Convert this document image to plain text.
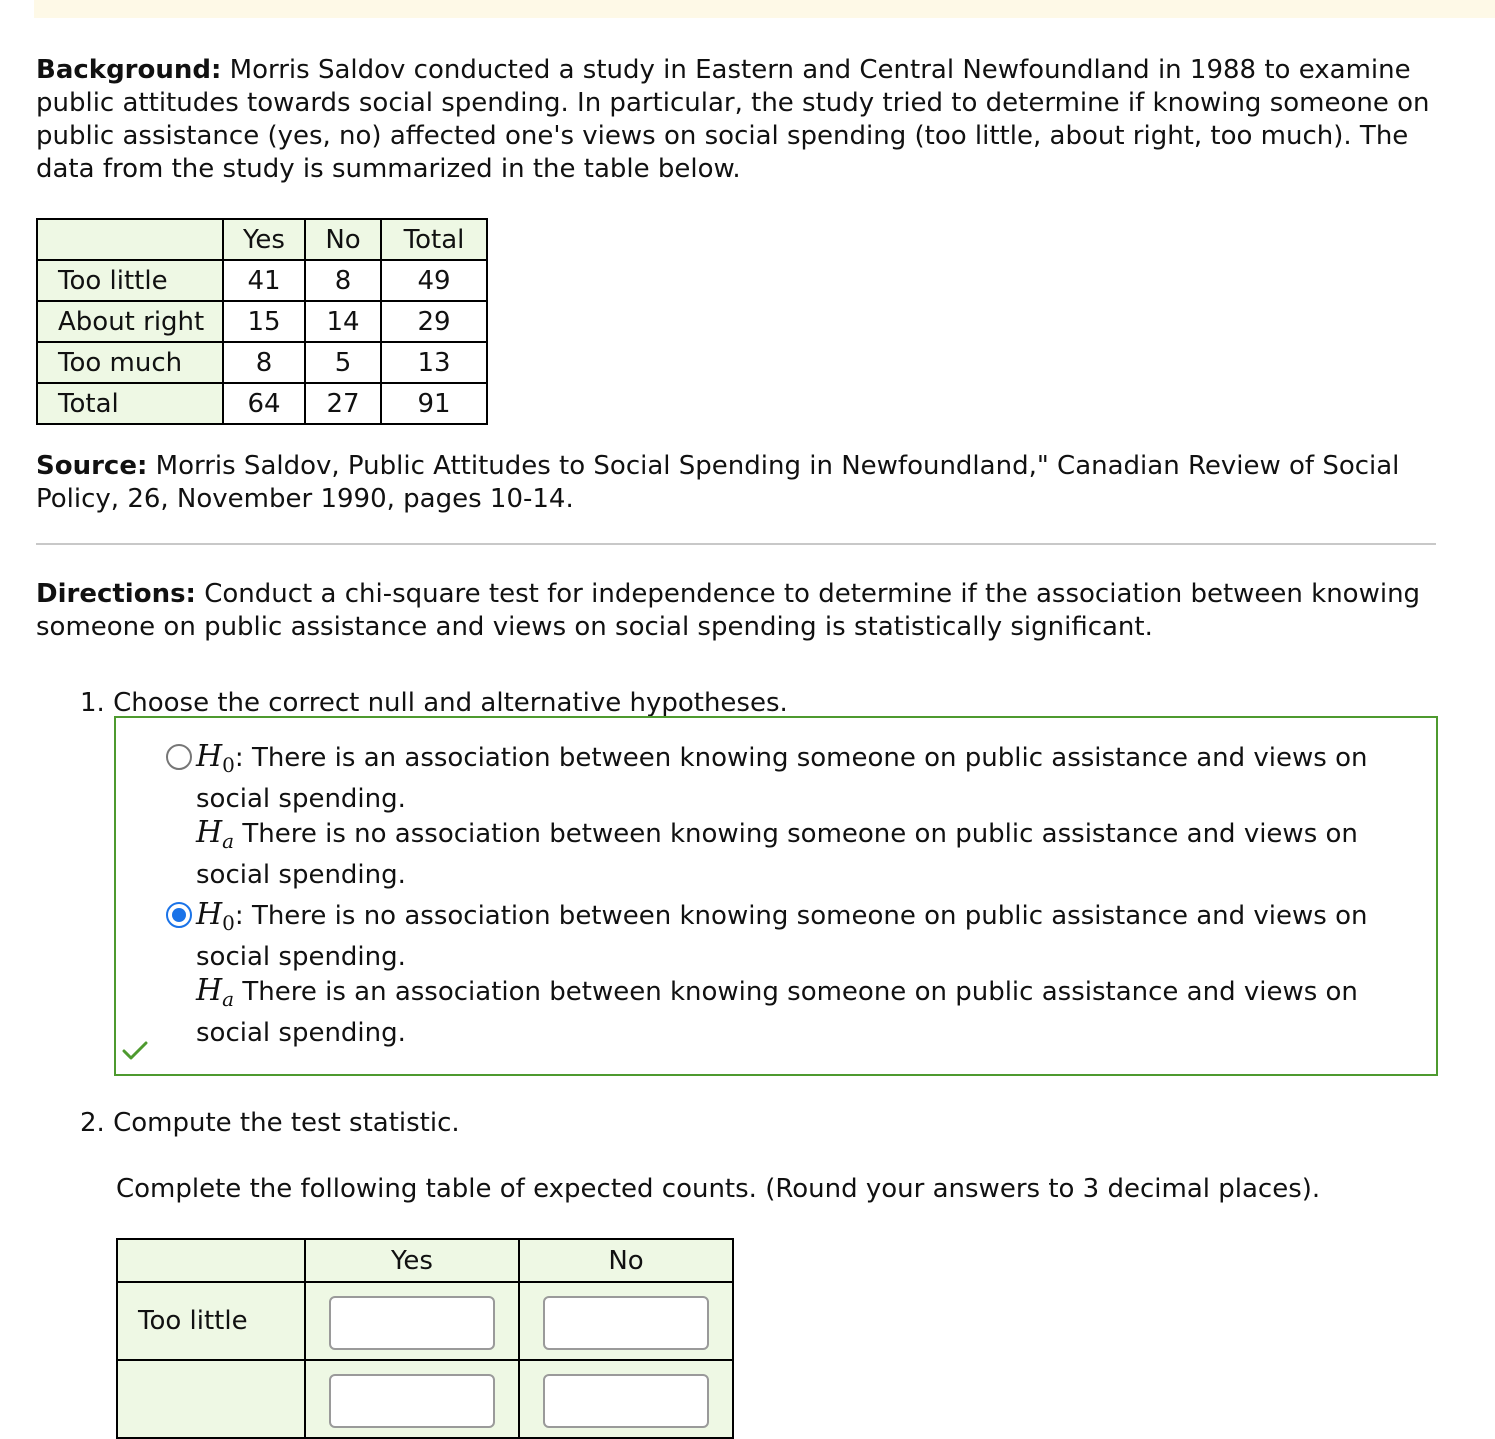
Background: Morris Saldov conducted a study in Eastern and Central Newfoundland in 1988 to examine public attitudes towards social spending. In particular, the study tried to determine if knowing someone on public assistance (yes, no) affected one's views on social spending (too little, about right, too much). The data from the study is summarized in the table below.

	Yes	No	Total
Too little	41	8	49
About right	15	14	29
Too much	8	5	13
Total	64	27	91

Source: Morris Saldov, Public Attitudes to Social Spending in Newfoundland," Canadian Review of Social Policy, 26, November 1990, pages 10-14.

Directions: Conduct a chi-square test for independence to determine if the association between knowing someone on public assistance and views on social spending is statistically significant.

1. Choose the correct null and alternative hypotheses.
$H_0$: There is an association between knowing someone on public assistance and views on social spending.
$H_a$ There is no association between knowing someone on public assistance and views on social spending.
$H_0$: There is no association between knowing someone on public assistance and views on social spending.
$H_a$ There is an association between knowing someone on public assistance and views on social spending.
2. Compute the test statistic.
Complete the following table of expected counts. (Round your answers to 3 decimal places).
	Yes	No
Too little		
